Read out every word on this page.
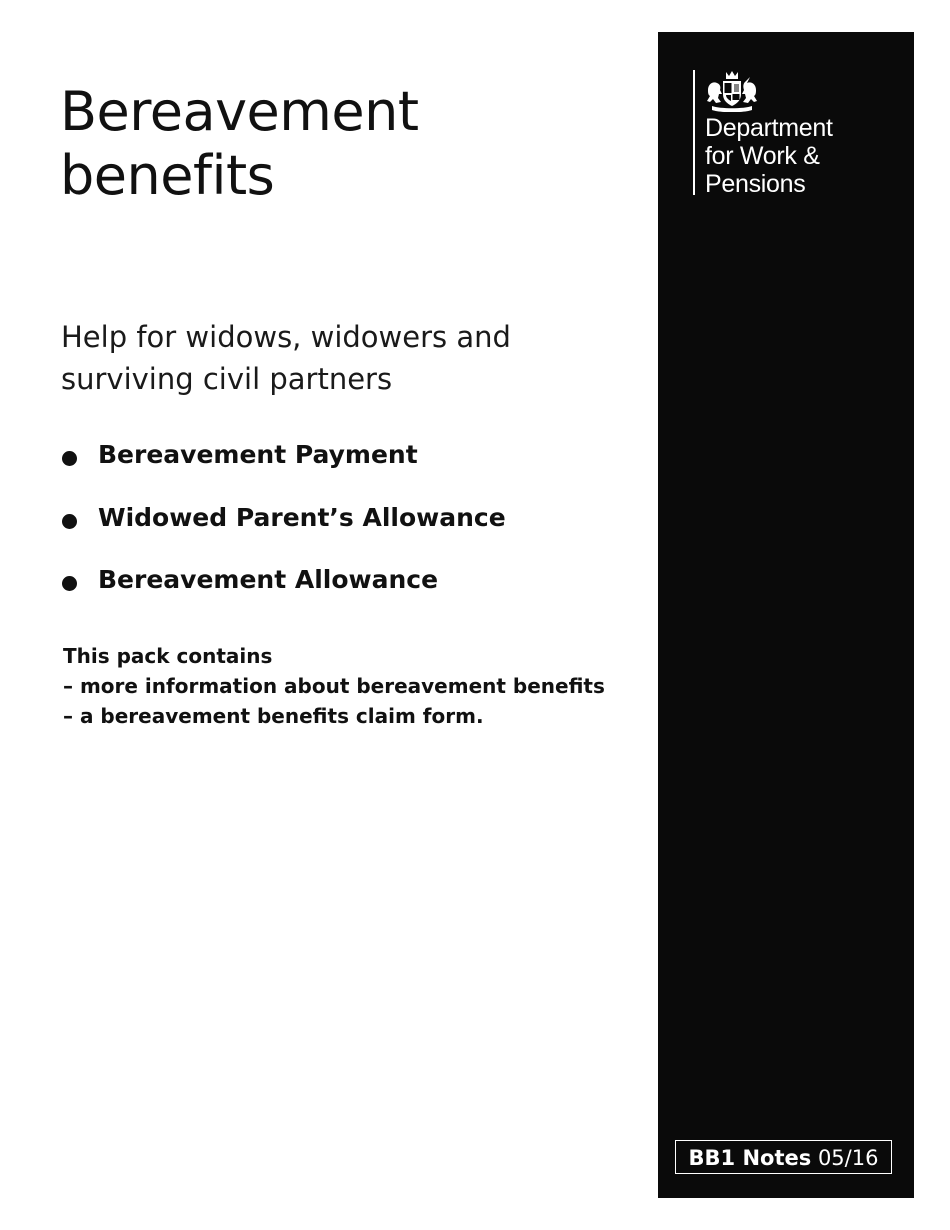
Bereavement
benefits
Help for widows, widowers and
surviving civil partners
Bereavement Payment
Widowed Parent’s Allowance
Bereavement Allowance
This pack contains
– more information about bereavement benefits
– a bereavement benefits claim form.
Department
for Work &
Pensions
BB1 Notes 05/16
